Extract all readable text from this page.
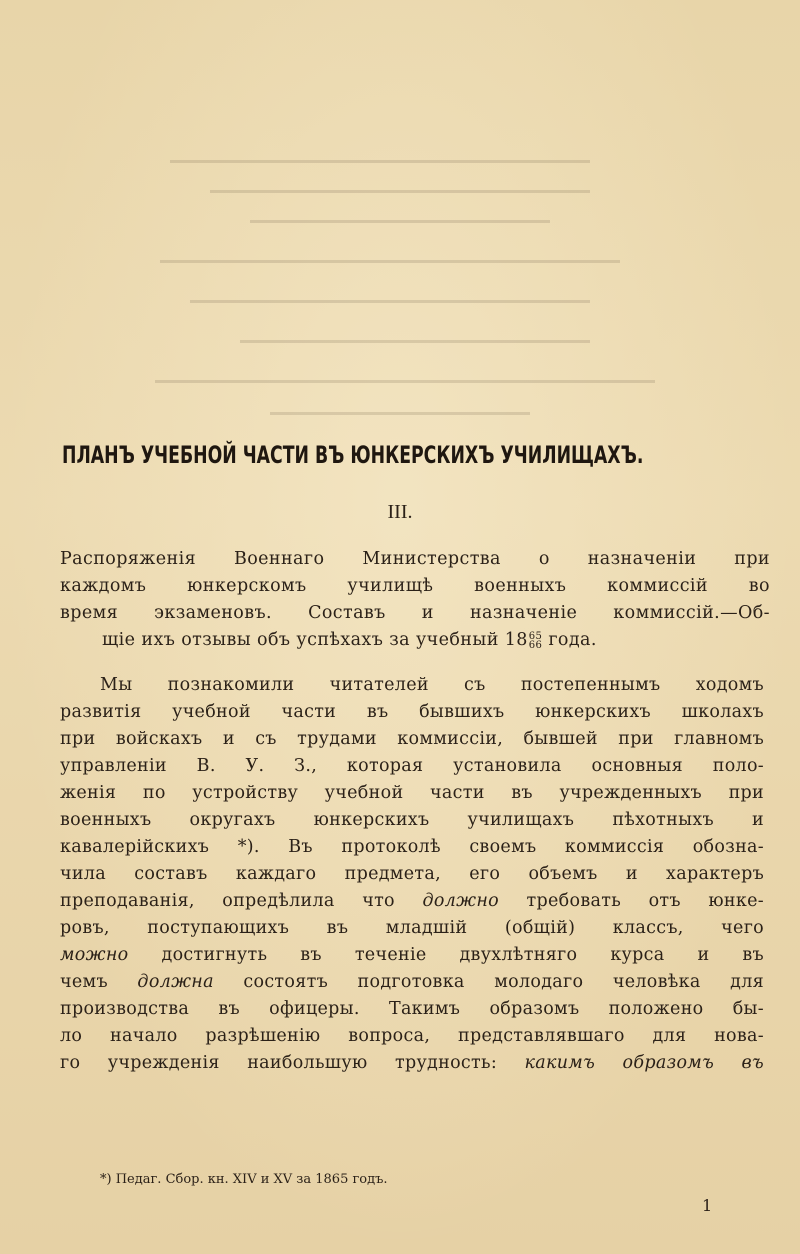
ПЛАНЪ УЧЕБНОЙ ЧАСТИ ВЪ ЮНКЕРСКИХЪ УЧИЛИЩАХЪ.
III.
Распоряженія Военнаго Министерства о назначеніи при
каждомъ юнкерскомъ училищѣ военныхъ коммиссій во
время экзаменовъ. Составъ и назначеніе коммиссій.—Об-
щіе ихъ отзывы объ успѣхахъ за учебный 18 65
66 года.
Мы познакомили читателей съ постепеннымъ ходомъ
развитія учебной части въ бывшихъ юнкерскихъ школахъ
при войскахъ и съ трудами коммиссіи, бывшей при главномъ
управленіи В. У. З., которая установила основныя поло-
женія по устройству учебной части въ учрежденныхъ при
военныхъ округахъ юнкерскихъ училищахъ пѣхотныхъ и
кавалерійскихъ *). Въ протоколѣ своемъ коммиссія обозна-
чила составъ каждаго предмета, его объемъ и характеръ
преподаванія, опредѣлила что должно требовать отъ юнке-
ровъ, поступающихъ въ младшій (общій) классъ, чего
можно достигнуть въ теченіе двухлѣтняго курса и въ
чемъ должна состоятъ подготовка молодаго человѣка для
производства въ офицеры. Такимъ образомъ положено бы-
ло начало разрѣшенію вопроса, представлявшаго для нова-
го учрежденія наибольшую трудность: какимъ образомъ въ
*) Педаг. Сбор. кн. XIV и XV за 1865 годъ.
1
